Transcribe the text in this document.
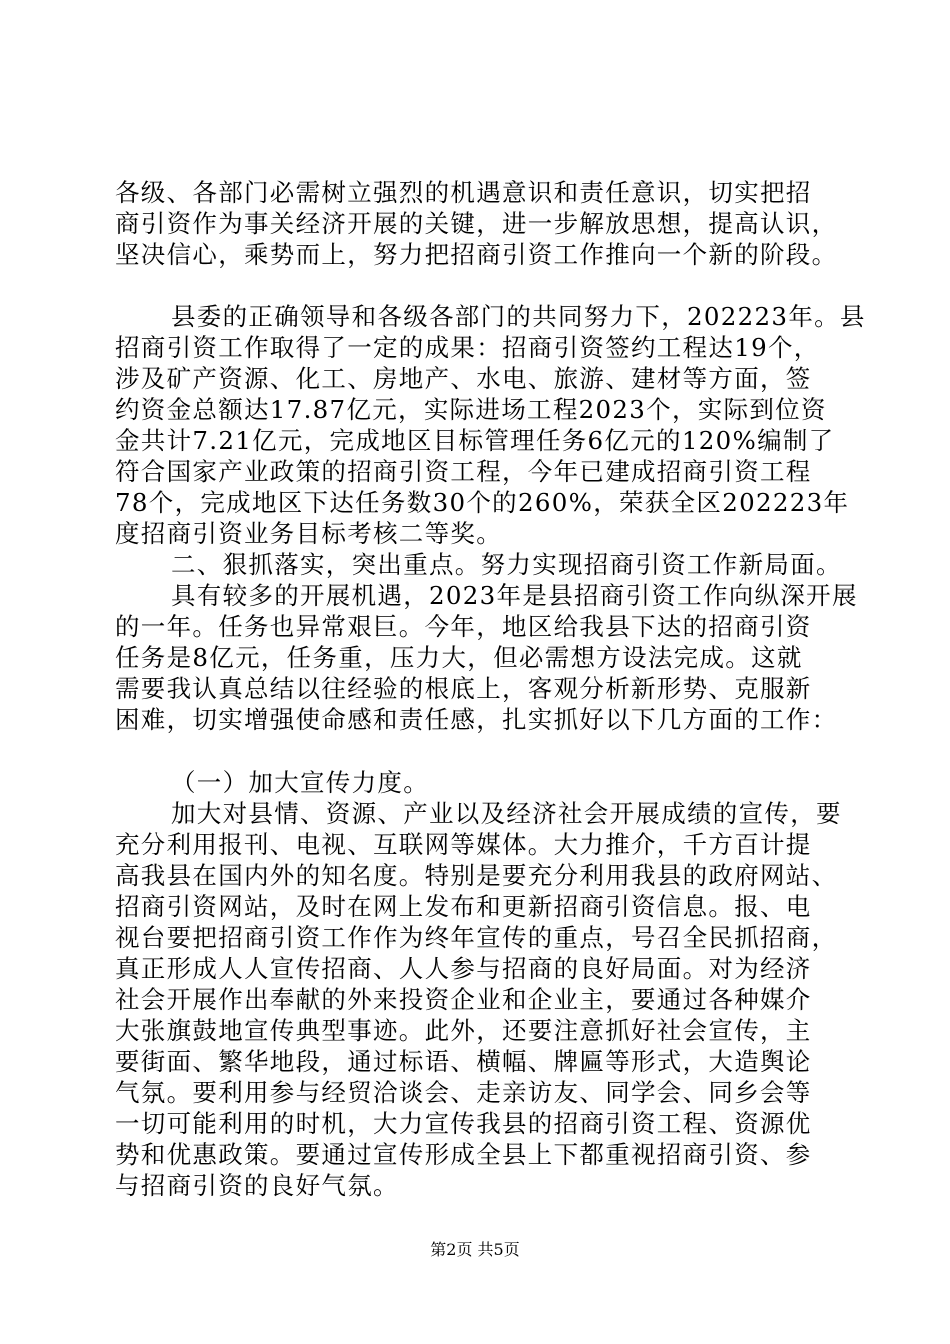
各级、各部门必需树立强烈的机遇意识和责任意识，切实把招
商引资作为事关经济开展的关键，进一步解放思想，提高认识，
坚决信心，乘势而上，努力把招商引资工作推向一个新的阶段。
县委的正确领导和各级各部门的共同努力下，202223年。县
招商引资工作取得了一定的成果：招商引资签约工程达19个，
涉及矿产资源、化工、房地产、水电、旅游、建材等方面，签
约资金总额达17.87亿元，实际进场工程2023个，实际到位资
金共计7.21亿元，完成地区目标管理任务6亿元的120%编制了
符合国家产业政策的招商引资工程，今年已建成招商引资工程
78个，完成地区下达任务数30个的260%，荣获全区202223年
度招商引资业务目标考核二等奖。
二、狠抓落实，突出重点。努力实现招商引资工作新局面。
具有较多的开展机遇，2023年是县招商引资工作向纵深开展
的一年。任务也异常艰巨。今年，地区给我县下达的招商引资
任务是8亿元，任务重，压力大，但必需想方设法完成。这就
需要我认真总结以往经验的根底上，客观分析新形势、克服新
困难，切实增强使命感和责任感，扎实抓好以下几方面的工作：
（一）加大宣传力度。
加大对县情、资源、产业以及经济社会开展成绩的宣传，要
充分利用报刊、电视、互联网等媒体。大力推介，千方百计提
高我县在国内外的知名度。特别是要充分利用我县的政府网站、
招商引资网站，及时在网上发布和更新招商引资信息。报、电
视台要把招商引资工作作为终年宣传的重点，号召全民抓招商，
真正形成人人宣传招商、人人参与招商的良好局面。对为经济
社会开展作出奉献的外来投资企业和企业主，要通过各种媒介
大张旗鼓地宣传典型事迹。此外，还要注意抓好社会宣传，主
要街面、繁华地段，通过标语、横幅、牌匾等形式，大造舆论
气氛。要利用参与经贸洽谈会、走亲访友、同学会、同乡会等
一切可能利用的时机，大力宣传我县的招商引资工程、资源优
势和优惠政策。要通过宣传形成全县上下都重视招商引资、参
与招商引资的良好气氛。
第2页 共5页
